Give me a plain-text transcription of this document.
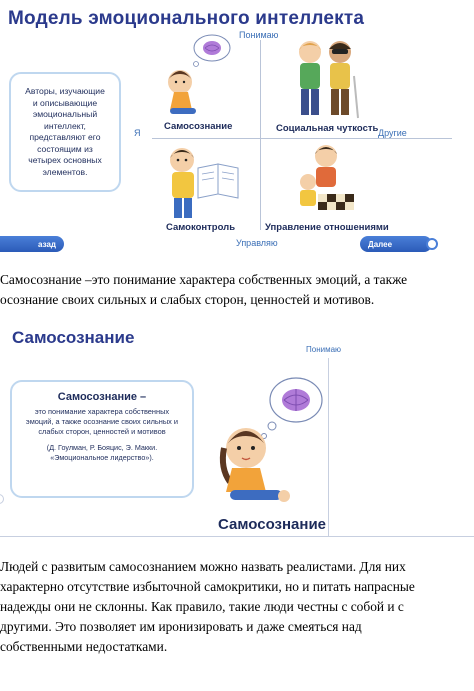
Модель эмоционального интеллекта
Понимаю
Управляю
Я	Другие
Самосознание	Социальная чуткость
Самоконтроль	Управление отношениями

Авторы, изучающие
и описывающие
эмоциональный
интеллект,
представляют его
состоящим из
четырех основных
элементов.

азад	Далее
Самосознание –это понимание характера собственных эмоций, а также
осознание своих сильных и слабых сторон, ценностей и мотивов.
Самосознание
Понимаю
Самосознание –
это понимание характера собственных
эмоций, а также осознание своих сильных и
слабых сторон, ценностей и мотивов
(Д. Гоулман, Р. Бояцис, Э. Макки.
«Эмоциональное лидерство»).
Самосознание
Людей с развитым самосознанием можно назвать реалистами. Для них
характерно отсутствие избыточной самокритики, но и питать напрасные
надежды они не склонны. Как правило, такие люди честны с собой и с
другими. Это позволяет им иронизировать и даже смеяться над
собственными недостатками.
